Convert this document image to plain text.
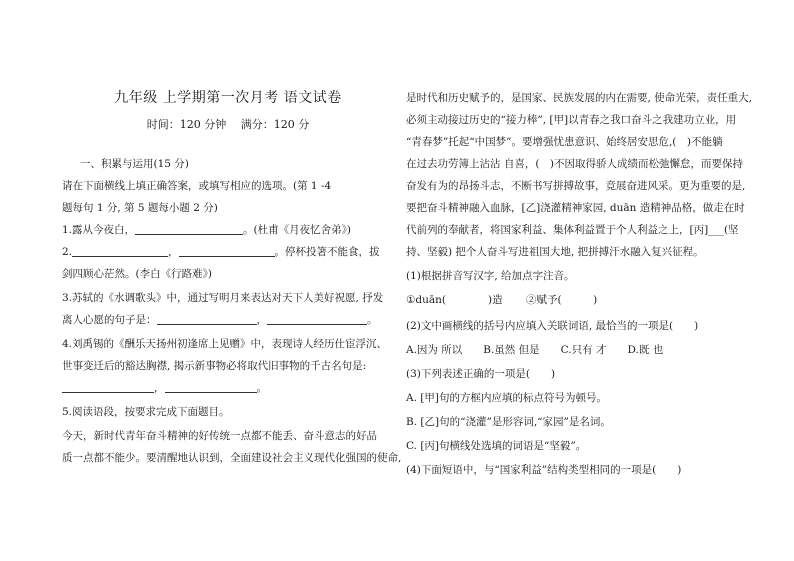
九年级 上学期第一次月考 语文试卷
时间：120 分钟　 满分：120 分
一、积累与运用(15 分)
请在下面横线上填正确答案，或填写相应的选项。(第 1 -4
题每句 1 分, 第 5 题每小题 2 分)
1.露从今夜白，	。(杜甫《月夜忆舍弟》)
2.	，	。停杯投箸不能食，拔
剑四顾心茫然。(李白《行路难》)
3.苏轼的《水调歌头》中，通过写明月来表达对天下人美好祝愿, 抒发
离人心愿的句子是：	，	。
4.刘禹锡的《酬乐天扬州初逢席上见赠》中，表现诗人经历仕宦浮沉、
世事变迁后的豁达胸襟, 揭示新事物必将取代旧事物的千古名句是:
，	。
5.阅读语段，按要求完成下面题目。
今天，新时代青年奋斗精神的好传统一点都不能丢、奋斗意志的好品
质一点都不能少。要清醒地认识到，全面建设社会主义现代化强国的使命,
是时代和历史赋予的，是国家、民族发展的内在需要, 使命光荣，责任重大,
必须主动接过历史的“接力棒”, [甲]以青春之我口奋斗之我建功立业，用
“青春梦”托起“中国梦”。要增强忧患意识、始终居安思危,(　)不能躺
在过去功劳簿上沾沾 自喜，(　)不因取得骄人成绩而松弛懈怠，而要保持
奋发有为的昂扬斗志，不断书写拼搏故事，竞展奋进风采。更为重要的是,
要把奋斗精神融入血脉，[乙]浇灌精神家园, duān 造精神品格，做走在时
代前列的奉献者，将国家利益、集体利益置于个人利益之上，[丙]___(坚
持、坚毅) 把个人奋斗写进祖国大地, 把拼搏汗水融入复兴征程。
(1)根据拼音写汉字, 给加点字注音。
①duān(　　　　)造 ②赋予(　　　)
(2)文中画横线的括号内应填入关联词语, 最恰当的一项是(　　)
A.因为 所以　　B.虽然 但是　　C.只有 才　　D.既 也
(3)下列表述正确的一项是(　　)
A. [甲]句的方框内应填的标点符号为顿号。
B. [乙]句的“浇灌”是形容词,“家园”是名词。
C. [丙]句横线处选填的词语是“坚毅”。
(4)下面短语中，与“国家利益”结构类型相同的一项是(　　)
